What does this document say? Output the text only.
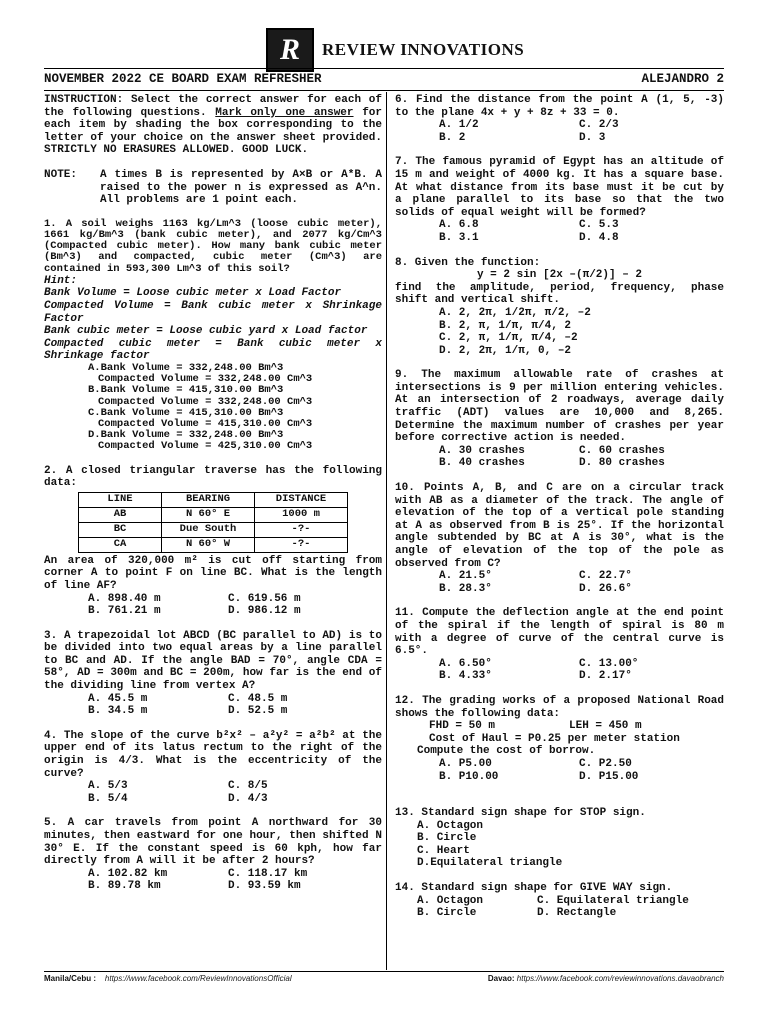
R	REVIEW INNOVATIONS
NOVEMBER 2022 CE BOARD EXAM REFRESHER	ALEJANDRO 2

INSTRUCTION: Select the correct answer for each of the following questions. Mark only one answer for each item by shading the box corresponding to the letter of your choice on the answer sheet provided. STRICTLY NO ERASURES ALLOWED. GOOD LUCK.

NOTE:	A times B is represented by A×B or A*B. A raised to the power n is expressed as A^n. All problems are 1 point each.

1. A soil weighs 1163 kg/Lm^3 (loose cubic meter), 1661 kg/Bm^3 (bank cubic meter), and 2077 kg/Cm^3 (Compacted cubic meter). How many bank cubic meter (Bm^3) and compacted, cubic meter (Cm^3) are contained in 593,300 Lm^3 of this soil?

Hint:

Bank Volume = Loose cubic meter x Load Factor

Compacted Volume = Bank cubic meter x Shrinkage Factor

Bank cubic meter = Loose cubic yard x Load factor

Compacted cubic meter = Bank cubic meter x Shrinkage factor

A.Bank Volume = 332,248.00 Bm^3
Compacted Volume = 332,248.00 Cm^3
B.Bank Volume = 415,310.00 Bm^3
Compacted Volume = 332,248.00 Cm^3
C.Bank Volume = 415,310.00 Bm^3
Compacted Volume = 415,310.00 Cm^3
D.Bank Volume = 332,248.00 Bm^3
Compacted Volume = 425,310.00 Cm^3

2. A closed triangular traverse has the following data:

LINE	BEARING	DISTANCE
AB	N 60° E	1000 m
BC	Due South	-?-
CA	N 60° W	-?-

An area of 320,000 m² is cut off starting from corner A to point F on line BC. What is the length of line AF?

A. 898.40 m	C. 619.56 m
B. 761.21 m	D. 986.12 m

3. A trapezoidal lot ABCD (BC parallel to AD) is to be divided into two equal areas by a line parallel to BC and AD. If the angle BAD = 70°, angle CDA = 58°, AD = 300m and BC = 200m, how far is the end of the dividing line from vertex A?

A. 45.5 m	C. 48.5 m
B. 34.5 m	D. 52.5 m

4. The slope of the curve b²x² – a²y² = a²b² at the upper end of its latus rectum to the right of the origin is 4/3. What is the eccentricity of the curve?

A. 5/3	C. 8/5
B. 5/4	D. 4/3

5. A car travels from point A northward for 30 minutes, then eastward for one hour, then shifted N 30° E. If the constant speed is 60 kph, how far directly from A will it be after 2 hours?

A. 102.82 km	C. 118.17 km
B. 89.78 km	D. 93.59 km

6. Find the distance from the point A (1, 5, -3) to the plane 4x + y + 8z + 33 = 0.

A. 1/2	C. 2/3
B. 2	D. 3

7. The famous pyramid of Egypt has an altitude of 15 m and weight of 4000 kg. It has a square base. At what distance from its base must it be cut by a plane parallel to its base so that the two solids of equal weight will be formed?

A. 6.8	C. 5.3
B. 3.1	D. 4.8

8. Given the function:

y = 2 sin [2x –(π/2)] – 2

find the amplitude, period, frequency, phase shift and vertical shift.

A. 2, 2π, 1/2π, π/2, –2
B. 2, π, 1/π, π/4, 2
C. 2, π, 1/π, π/4, –2
D. 2, 2π, 1/π, 0, –2

9. The maximum allowable rate of crashes at intersections is 9 per million entering vehicles. At an intersection of 2 roadways, average daily traffic (ADT) values are 10,000 and 8,265. Determine the maximum number of crashes per year before corrective action is needed.

A. 30 crashes	C. 60 crashes
B. 40 crashes	D. 80 crashes

10. Points A, B, and C are on a circular track with AB as a diameter of the track. The angle of elevation of the top of a vertical pole standing at A as observed from B is 25°. If the horizontal angle subtended by BC at A is 30°, what is the angle of elevation of the top of the pole as observed from C?

A. 21.5°	C. 22.7°
B. 28.3°	D. 26.6°

11. Compute the deflection angle at the end point of the spiral if the length of spiral is 80 m with a degree of curve of the central curve is 6.5°.

A. 6.50°	C. 13.00°
B. 4.33°	D. 2.17°

12. The grading works of a proposed National Road shows the following data:

FHD = 50 m	LEH = 450 m
Cost of Haul = P0.25 per meter station
Compute the cost of borrow.
A. P5.00	C. P2.50
B. P10.00	D. P15.00

13. Standard sign shape for STOP sign.

A. Octagon
B. Circle
C. Heart
D.Equilateral triangle

14. Standard sign shape for GIVE WAY sign.

A. Octagon	C. Equilateral triangle
B. Circle	D. Rectangle
Manila/Cebu : https://www.facebook.com/ReviewInnovationsOfficial	Davao: https://www.facebook.com/reviewinnovations.davaobranch
